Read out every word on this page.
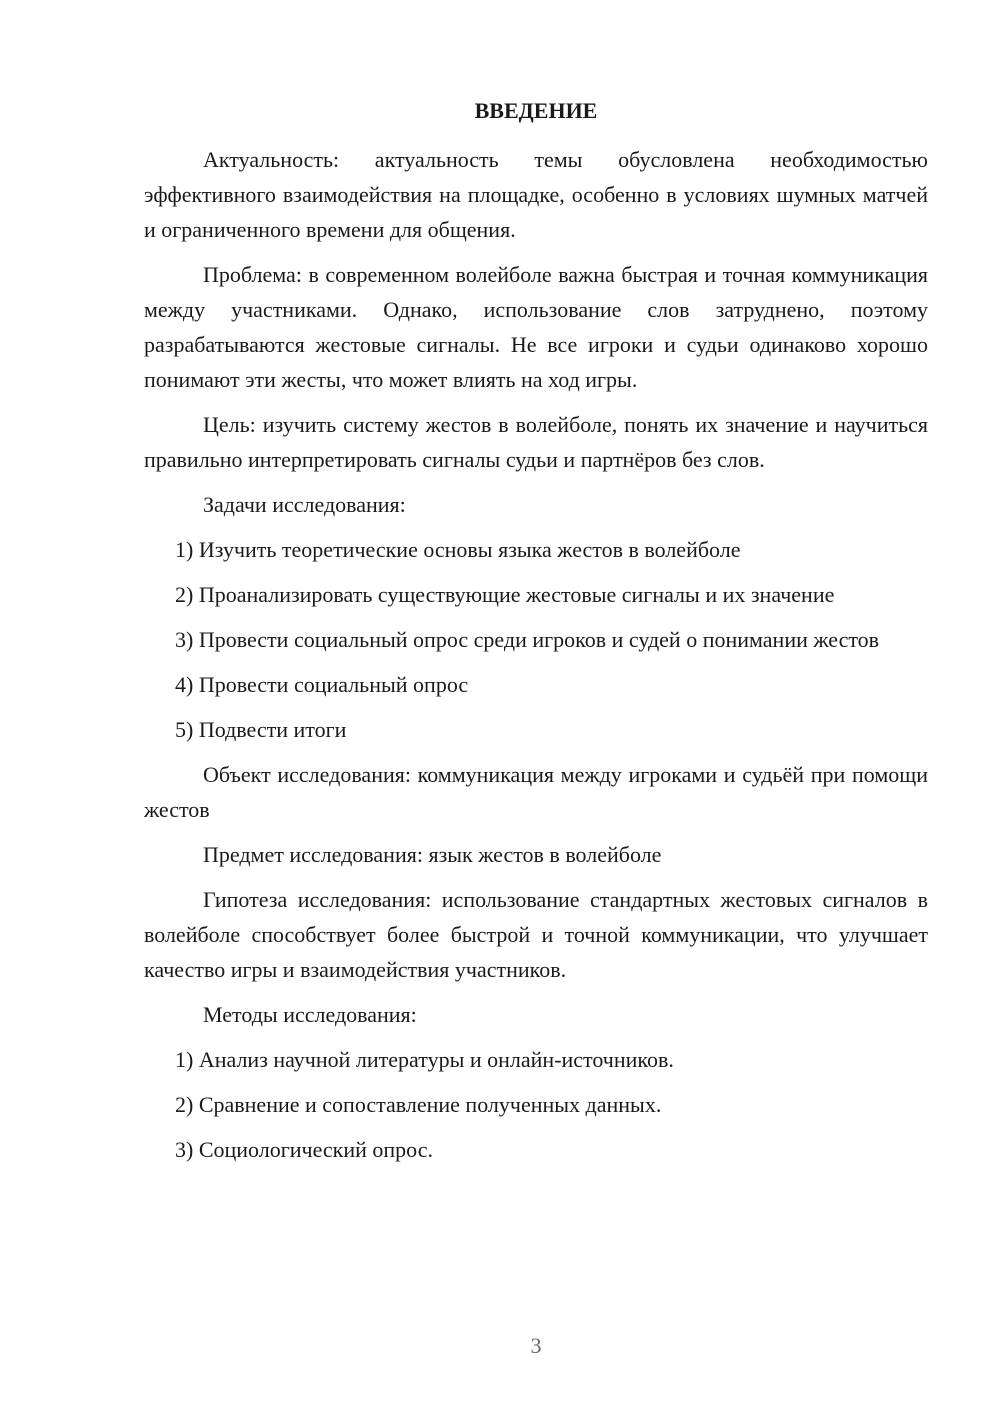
ВВЕДЕНИЕ

Актуальность: актуальность темы обусловлена необходимостью эффективного взаимодействия на площадке, особенно в условиях шумных матчей и ограниченного времени для общения.

Проблема: в современном волейболе важна быстрая и точная коммуникация между участниками. Однако, использование слов затруднено, поэтому разрабатываются жестовые сигналы. Не все игроки и судьи одинаково хорошо понимают эти жесты, что может влиять на ход игры.

Цель: изучить систему жестов в волейболе, понять их значение и научиться правильно интерпретировать сигналы судьи и партнёров без слов.

Задачи исследования:

1) Изучить теоретические основы языка жестов в волейболе

2) Проанализировать существующие жестовые сигналы и их значение

3) Провести социальный опрос среди игроков и судей о понимании жестов

4) Провести социальный опрос

5) Подвести итоги

Объект исследования: коммуникация между игроками и судьёй при помощи жестов

Предмет исследования: язык жестов в волейболе

Гипотеза исследования: использование стандартных жестовых сигналов в волейболе способствует более быстрой и точной коммуникации, что улучшает качество игры и взаимодействия участников.

Методы исследования:

1) Анализ научной литературы и онлайн-источников.

2) Сравнение и сопоставление полученных данных.

3) Социологический опрос.

3
